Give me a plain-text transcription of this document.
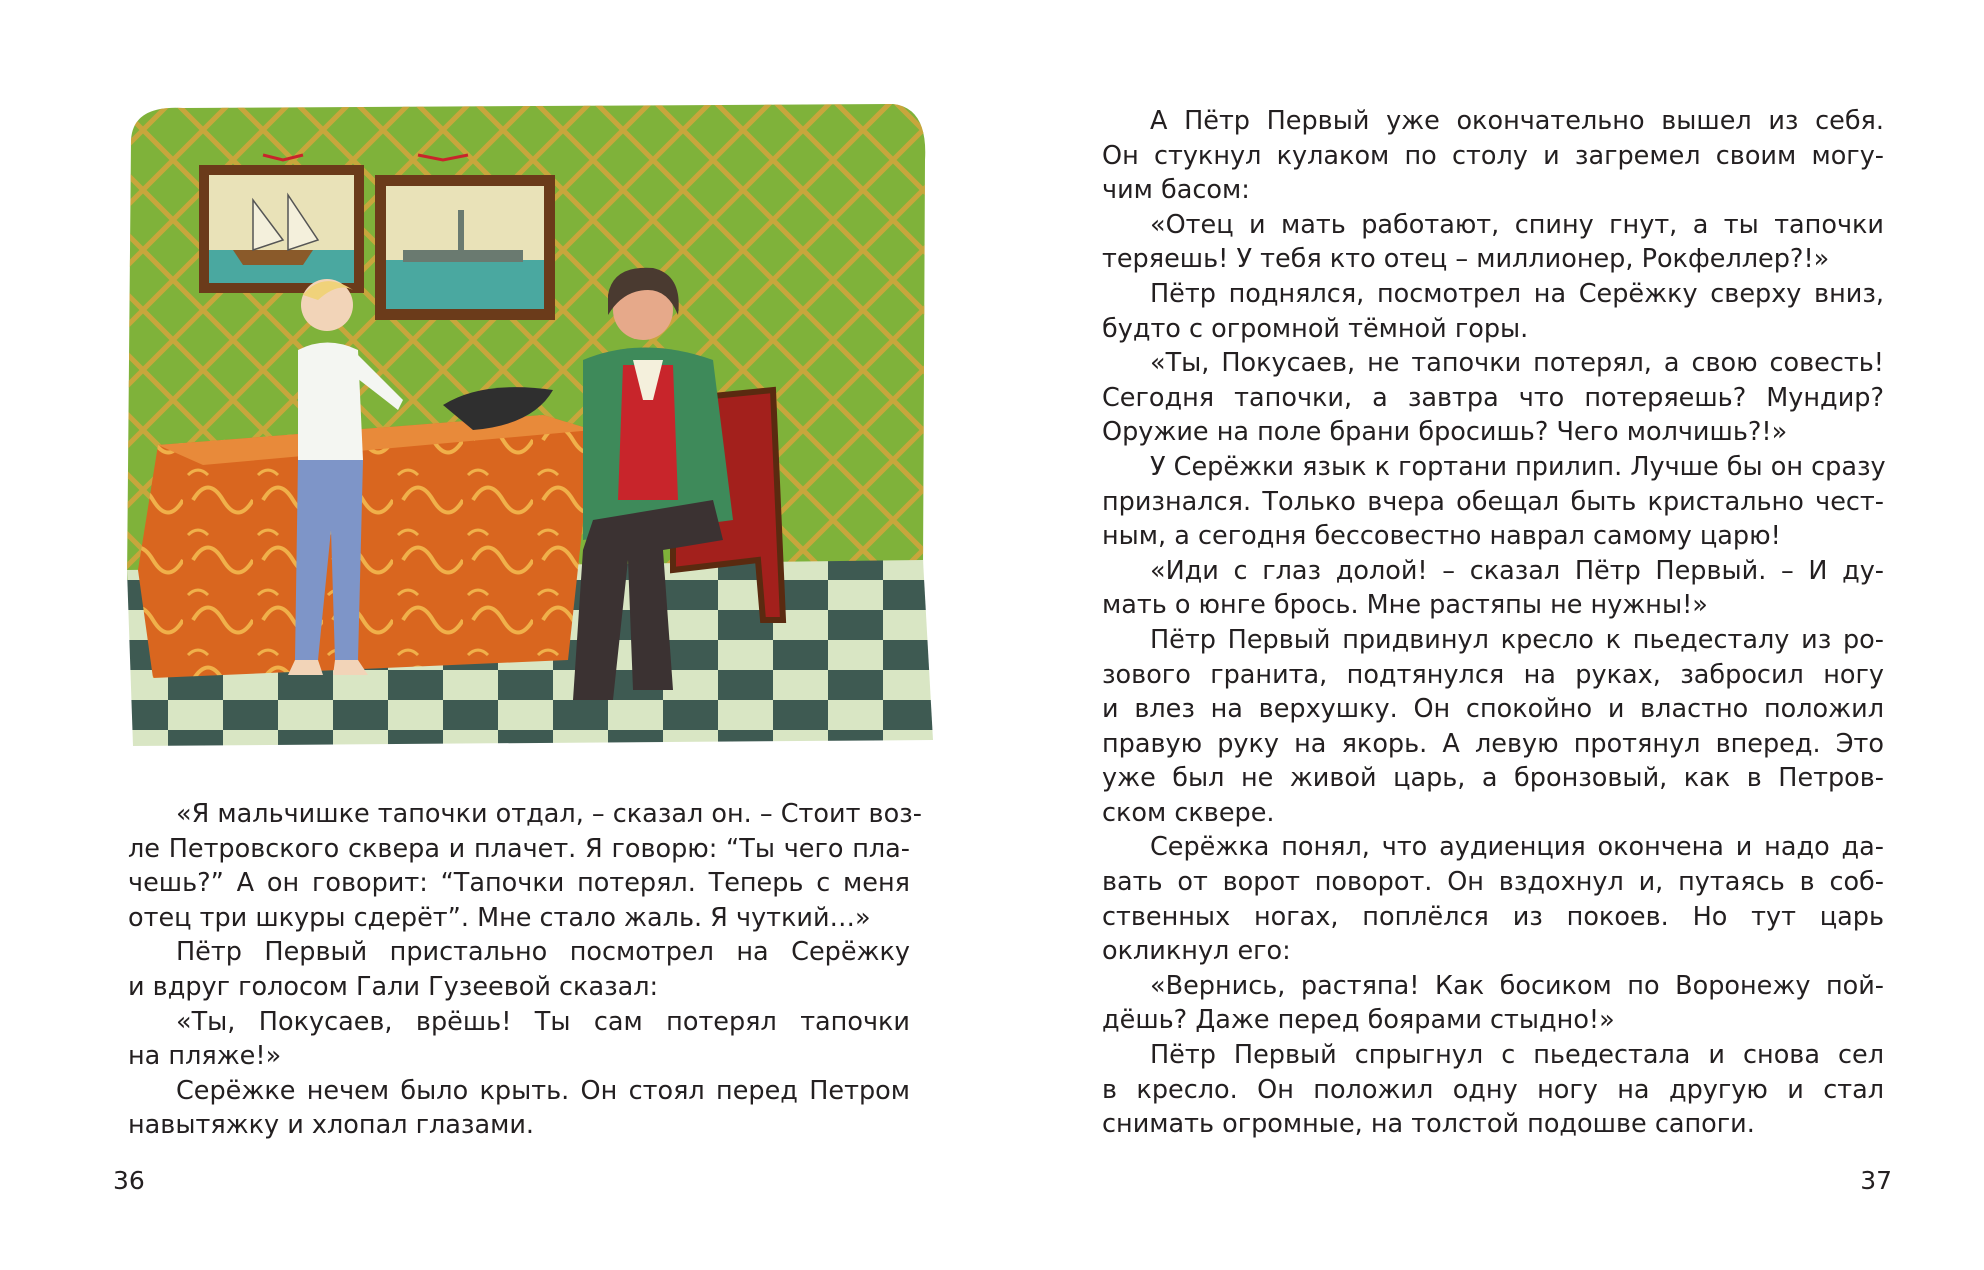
«Я мальчишке тапочки отдал, – сказал он. – Стоит воз-
ле Петровского сквера и плачет. Я говорю: “Ты чего пла-
чешь?” А он говорит: “Тапочки потерял. Теперь с меня
отец три шкуры сдерёт”. Мне стало жаль. Я чуткий…»
Пётр Первый пристально посмотрел на Серёжку
и вдруг голосом Гали Гузеевой сказал:
«Ты, Покусаев, врёшь! Ты сам потерял тапочки
на пляже!»
Серёжке нечем было крыть. Он стоял перед Петром
навытяжку и хлопал глазами.
36
А Пётр Первый уже окончательно вышел из себя.
Он стукнул кулаком по столу и загремел своим могу-
чим басом:
«Отец и мать работают, спину гнут, а ты тапочки
теряешь! У тебя кто отец – миллионер, Рокфеллер?!»
Пётр поднялся, посмотрел на Серёжку сверху вниз,
будто с огромной тёмной горы.
«Ты, Покусаев, не тапочки потерял, а свою совесть!
Сегодня тапочки, а завтра что потеряешь? Мундир?
Оружие на поле брани бросишь? Чего молчишь?!»
У Серёжки язык к гортани прилип. Лучше бы он сразу
признался. Только вчера обещал быть кристально чест-
ным, а сегодня бессовестно наврал самому царю!
«Иди с глаз долой! – сказал Пётр Первый. – И ду-
мать о юнге брось. Мне растяпы не нужны!»
Пётр Первый придвинул кресло к пьедесталу из ро-
зового гранита, подтянулся на руках, забросил ногу
и влез на верхушку. Он спокойно и властно положил
правую руку на якорь. А левую протянул вперед. Это
уже был не живой царь, а бронзовый, как в Петров-
ском сквере.
Серёжка понял, что аудиенция окончена и надо да-
вать от ворот поворот. Он вздохнул и, путаясь в соб-
ственных ногах, поплёлся из покоев. Но тут царь
окликнул его:
«Вернись, растяпа! Как босиком по Воронежу пой-
дёшь? Даже перед боярами стыдно!»
Пётр Первый спрыгнул с пьедестала и снова сел
в кресло. Он положил одну ногу на другую и стал
снимать огромные, на толстой подошве сапоги.
37
